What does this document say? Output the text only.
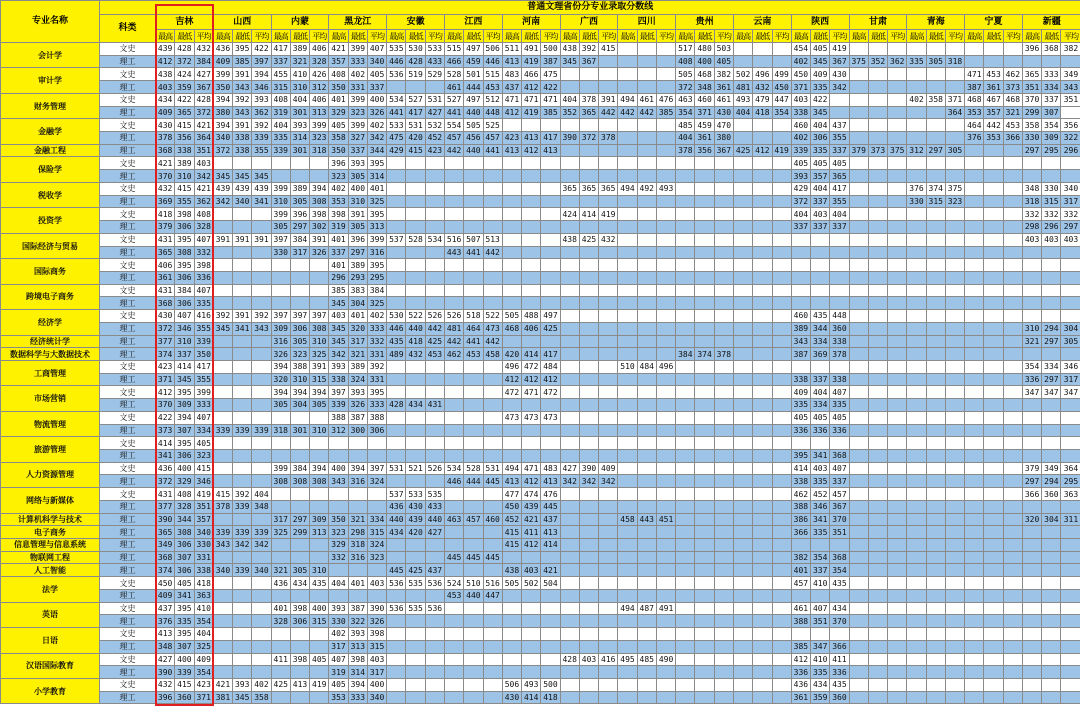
专业名称	普通文理省份分专业录取分数线																																																
	科类	吉林			山西			内蒙			黑龙江			安徽			江西			河南			广西			四川			贵州			云南			陕西			甘肃			青海			宁夏			新疆		
		最高	最低	平均	最高	最低	平均	最高	最低	平均	最高	最低	平均	最高	最低	平均	最高	最低	平均	最高	最低	平均	最高	最低	平均	最高	最低	平均	最高	最低	平均	最高	最低	平均	最高	最低	平均	最高	最低	平均	最高	最低	平均	最高	最低	平均	最高	最低	平均
会计学	文史	439	428	432	436	395	422	417	389	406	421	399	407	535	530	533	515	497	506	511	491	500	438	392	415				517	480	503				454	405	419										396	368	382
	理工	412	372	384	409	385	397	337	321	328	357	333	340	446	428	433	466	459	446	413	419	387	345	367					408	400	405				402	345	367	375	352	362	335	305	318						
审计学	文史	438	424	427	399	391	394	455	410	426	408	402	405	536	519	529	528	501	515	483	466	475							505	468	382	502	496	499	450	409	430							471	453	462	365	333	349
	理工	403	359	367	350	343	346	315	310	312	350	331	337				461	444	453	437	412	422							372	348	361	481	432	450	371	335	342							387	361	373	351	334	343
财务管理	文史	434	422	428	394	392	393	408	404	406	401	399	400	534	527	531	527	497	512	471	471	471	404	378	391	494	461	476	463	460	461	493	479	447	403	422					402	358	371	468	467	468	370	337	351
	理工	409	365	372	380	343	362	319	301	313	329	323	326	441	417	427	441	440	448	412	419	385	352	365	442	442	442	385	354	371	430	404	418	354	338	345							364	353	357	321	299	307	
金融学	文史	430	415	421	394	391	392	404	393	399	405	399	402	533	531	532	554	505	525										485	459	470				460	404	437							464	442	453	358	354	356
	理工	378	356	364	340	338	339	335	314	323	358	327	342	475	420	452	457	456	457	423	413	417	390	372	378				404	361	380				402	306	355							376	353	366	330	309	322
金融工程	理工	368	338	351	372	338	355	339	301	318	350	337	344	429	415	423	442	440	441	413	412	413							378	356	367	425	412	419	339	335	337	379	373	375	312	297	305				297	295	296
保险学	文史	421	389	403							396	393	395																						405	405	405												
	理工	370	310	342	345	345	345				323	305	314																						393	357	365												
税收学	文史	432	415	421	439	439	439	399	389	394	402	400	401										365	365	365	494	492	493							429	404	417				376	374	375				348	330	340
	理工	369	355	362	342	340	341	310	305	308	353	310	325																						372	337	355				330	315	323				318	315	317
投资学	文史	418	398	408				399	396	398	398	391	395										424	414	419										404	403	404										332	332	332
	理工	379	306	328				305	297	302	319	305	313																						337	337	337										298	296	297
国际经济与贸易	文史	431	395	407	391	391	391	397	384	391	401	396	399	537	528	534	516	507	513				438	425	432																						403	403	403
	理工	365	308	332				330	317	326	337	297	316				443	441	442																														
国际商务	文史	406	395	398							401	389	395																																				
	理工	361	306	336							296	293	295																																				
跨境电子商务	文史	431	384	407							385	383	384																																				
	理工	368	306	335							345	304	325																																				
经济学	文史	430	407	416	392	391	392	397	397	397	403	401	402	530	522	526	526	518	522	505	488	497													460	435	448												
	理工	372	346	355	345	341	343	309	306	308	345	320	333	446	440	442	481	464	473	468	406	425													389	344	360										310	294	304
经济统计学	理工	377	310	339				316	305	310	345	317	332	435	418	425	442	441	442																343	334	338										321	297	305
数据科学与大数据技术	理工	374	337	350				326	323	325	342	321	331	489	432	453	462	453	458	420	414	417							384	374	378				387	369	378												
工商管理	文史	423	414	417				394	388	391	393	389	392							496	472	484				510	484	496																			354	334	346
	理工	371	345	355				320	310	315	338	324	331							412	412	412													338	337	338										336	297	317
市场营销	文史	412	395	399				394	394	394	397	393	395							472	471	472													409	404	407										347	347	347
	理工	370	309	333				305	304	305	339	326	333	428	434	431																			335	334	335												
物流管理	文史	422	394	407							388	387	388							473	473	473													405	405	405												
	理工	373	307	334	339	339	339	318	301	310	312	300	306																						336	336	336												
旅游管理	文史	414	395	405																																													
	理工	341	306	323																															395	341	368												
人力资源管理	文史	436	400	415				399	384	394	400	394	397	531	521	526	534	528	531	494	471	483	427	390	409										414	403	407										379	349	364
	理工	372	329	346				308	308	308	343	316	324				446	444	445	413	412	413	342	342	342										338	335	337										297	294	295
网络与新媒体	文史	431	408	419	415	392	404							537	533	535				477	474	476													462	452	457										366	360	363
	理工	377	328	351	378	339	348							436	430	433				450	439	445													388	346	367												
计算机科学与技术	理工	390	344	357				317	297	309	350	321	334	440	439	440	463	457	460	452	421	437				458	443	451							386	341	370										320	304	311
电子商务	理工	365	308	340	339	339	339	325	299	313	323	298	315	434	420	427				415	411	413													366	335	351												
信息管理与信息系统	理工	349	306	330	343	342	342				329	318	324							415	412	414																											
物联网工程	理工	368	307	331							332	316	323				445	445	445																382	354	368												
人工智能	理工	374	306	338	340	339	340	321	305	310				445	425	437				438	403	421													401	337	354												
法学	文史	450	405	418				436	434	435	404	401	403	536	535	536	524	510	516	505	502	504													457	410	435												
	理工	409	341	363													453	440	447																														
英语	文史	437	395	410				401	398	400	393	387	390	536	535	536										494	487	491							461	407	434												
	理工	376	335	354				328	306	315	330	322	326																						388	351	370												
日语	文史	413	395	404							402	393	398																																				
	理工	348	307	325							317	313	315																						385	347	366												
汉语国际教育	文史	427	400	409				411	398	405	407	398	403										428	403	416	495	485	490							412	410	411												
	理工	390	339	354							319	314	317																						336	335	336												
小学教育	文史	432	415	423	421	393	402	425	413	419	405	394	400							506	493	500													436	434	435												
	理工	396	360	371	381	345	358				353	333	340							430	414	418													361	359	360												
